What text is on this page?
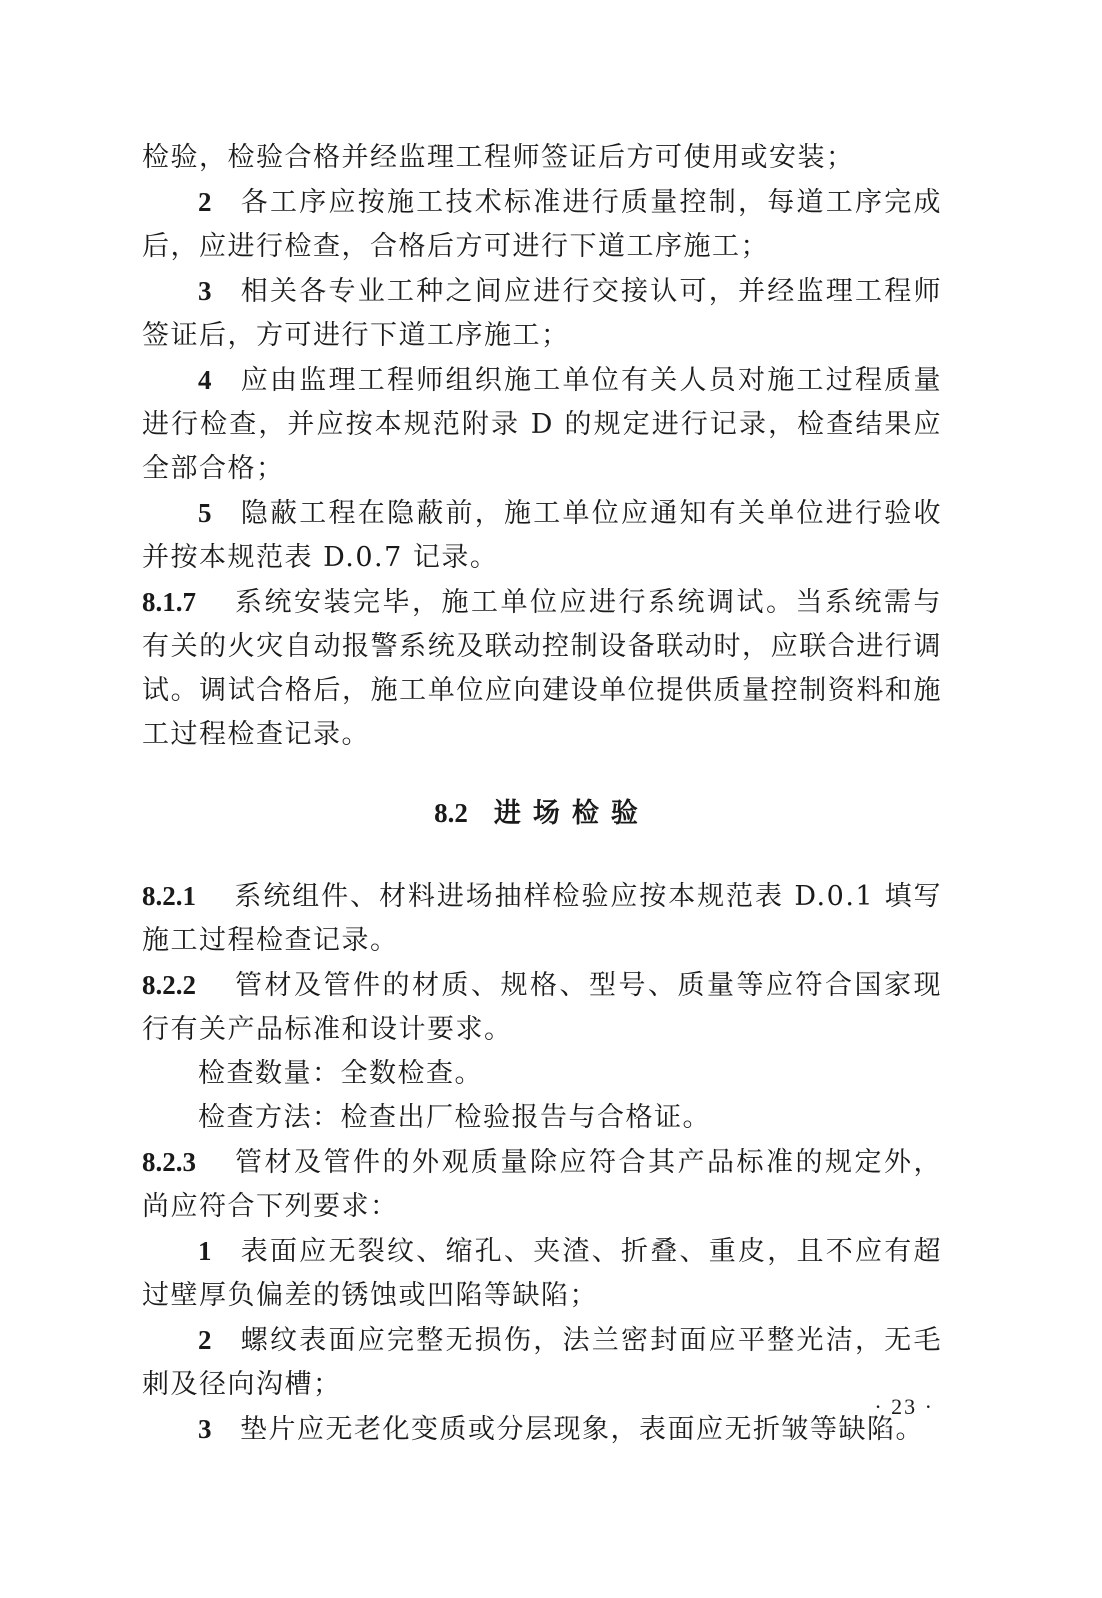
检验，检验合格并经监理工程师签证后方可使用或安装；

2 各工序应按施工技术标准进行质量控制，每道工序完成后，应进行检查，合格后方可进行下道工序施工；

3 相关各专业工种之间应进行交接认可，并经监理工程师签证后，方可进行下道工序施工；

4 应由监理工程师组织施工单位有关人员对施工过程质量进行检查，并应按本规范附录 D 的规定进行记录，检查结果应全部合格；

5 隐蔽工程在隐蔽前，施工单位应通知有关单位进行验收并按本规范表 D.0.7 记录。

8.1.7 系统安装完毕，施工单位应进行系统调试。当系统需与有关的火灾自动报警系统及联动控制设备联动时，应联合进行调试。调试合格后，施工单位应向建设单位提供质量控制资料和施工过程检查记录。

8.2 进场检验

8.2.1 系统组件、材料进场抽样检验应按本规范表 D.0.1 填写施工过程检查记录。

8.2.2 管材及管件的材质、规格、型号、质量等应符合国家现行有关产品标准和设计要求。

检查数量：全数检查。

检查方法：检查出厂检验报告与合格证。

8.2.3 管材及管件的外观质量除应符合其产品标准的规定外，尚应符合下列要求：

1 表面应无裂纹、缩孔、夹渣、折叠、重皮，且不应有超过壁厚负偏差的锈蚀或凹陷等缺陷；

2 螺纹表面应完整无损伤，法兰密封面应平整光洁，无毛刺及径向沟槽；

3 垫片应无老化变质或分层现象，表面应无折皱等缺陷。

· 23 ·
